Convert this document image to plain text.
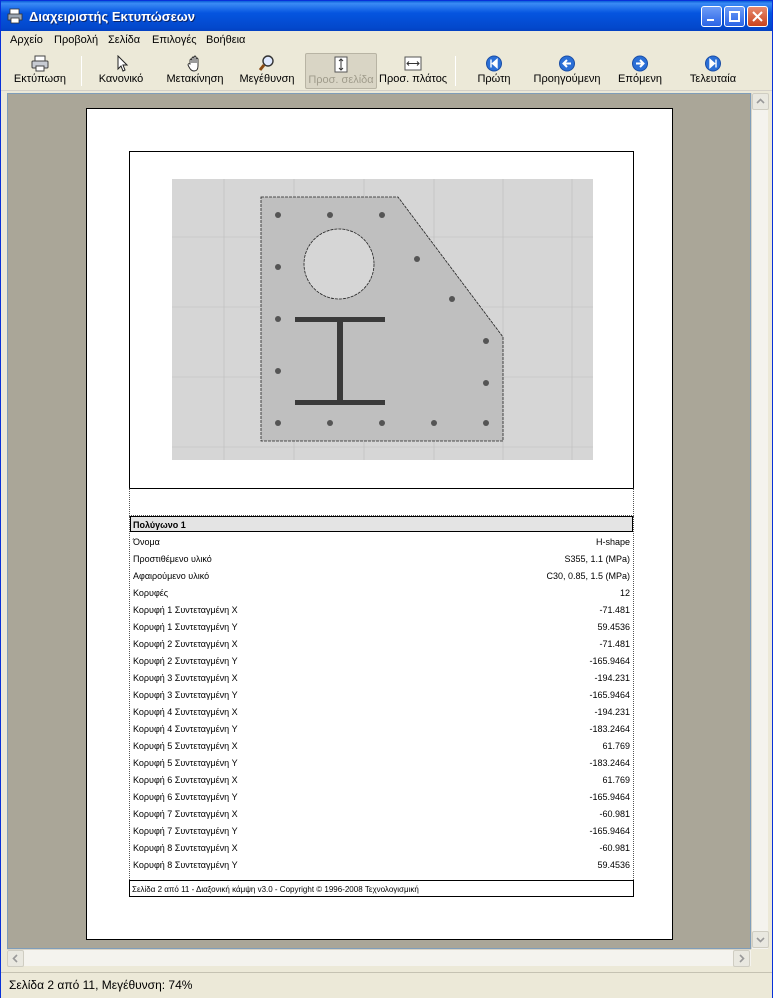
Διαχειριστής Εκτυπώσεων
Αρχείο Προβολή Σελίδα Επιλογές Βοήθεια
Εκτύπωση	Κανονικό	Μετακίνηση	Μεγέθυνση	Προσ. σελίδα Προσ. πλάτος	Πρώτη	Προηγούμενη	Επόμενη	Τελευταία
Πολύγωνο 1
Όνομα	H-shape
Προστιθέμενο υλικό	S355, 1.1 (MPa)
Αφαιρούμενο υλικό	C30, 0.85, 1.5 (MPa)
Κορυφές	12
Κορυφή 1 Συντεταγμένη X	-71.481
Κορυφή 1 Συντεταγμένη Y	59.4536
Κορυφή 2 Συντεταγμένη X	-71.481
Κορυφή 2 Συντεταγμένη Y	-165.9464
Κορυφή 3 Συντεταγμένη X	-194.231
Κορυφή 3 Συντεταγμένη Y	-165.9464
Κορυφή 4 Συντεταγμένη X	-194.231
Κορυφή 4 Συντεταγμένη Y	-183.2464
Κορυφή 5 Συντεταγμένη X	61.769
Κορυφή 5 Συντεταγμένη Y	-183.2464
Κορυφή 6 Συντεταγμένη X	61.769
Κορυφή 6 Συντεταγμένη Y	-165.9464
Κορυφή 7 Συντεταγμένη X	-60.981
Κορυφή 7 Συντεταγμένη Y	-165.9464
Κορυφή 8 Συντεταγμένη X	-60.981
Κορυφή 8 Συντεταγμένη Y	59.4536
Σελίδα 2 από 11 - Διαξονική κάμψη v3.0 - Copyright © 1996-2008 Τεχνολογισμική
Σελίδα 2 από 11, Μεγέθυνση: 74%
